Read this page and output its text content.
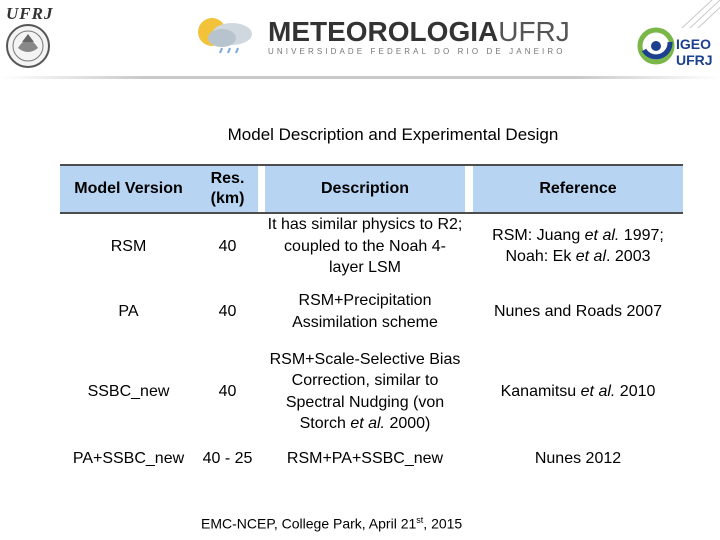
UFRJ
METEOROLOGIAUFRJ
UNIVERSIDADE FEDERAL DO RIO DE JANEIRO	IGEO
UFRJ
Model Description and Experimental Design
Model Version	Res. (km)		Description		Reference
RSM	40		It has similar physics to R2; coupled to the Noah 4-layer LSM		RSM: Juang et al. 1997; Noah: Ek et al. 2003
PA	40		RSM+Precipitation Assimilation scheme		Nunes and Roads 2007
SSBC_new	40		RSM+Scale-Selective Bias Correction, similar to Spectral Nudging (von Storch et al. 2000)		Kanamitsu et al. 2010
PA+SSBC_new	40 - 25		RSM+PA+SSBC_new		Nunes 2012
EMC-NCEP, College Park, April 21st, 2015
